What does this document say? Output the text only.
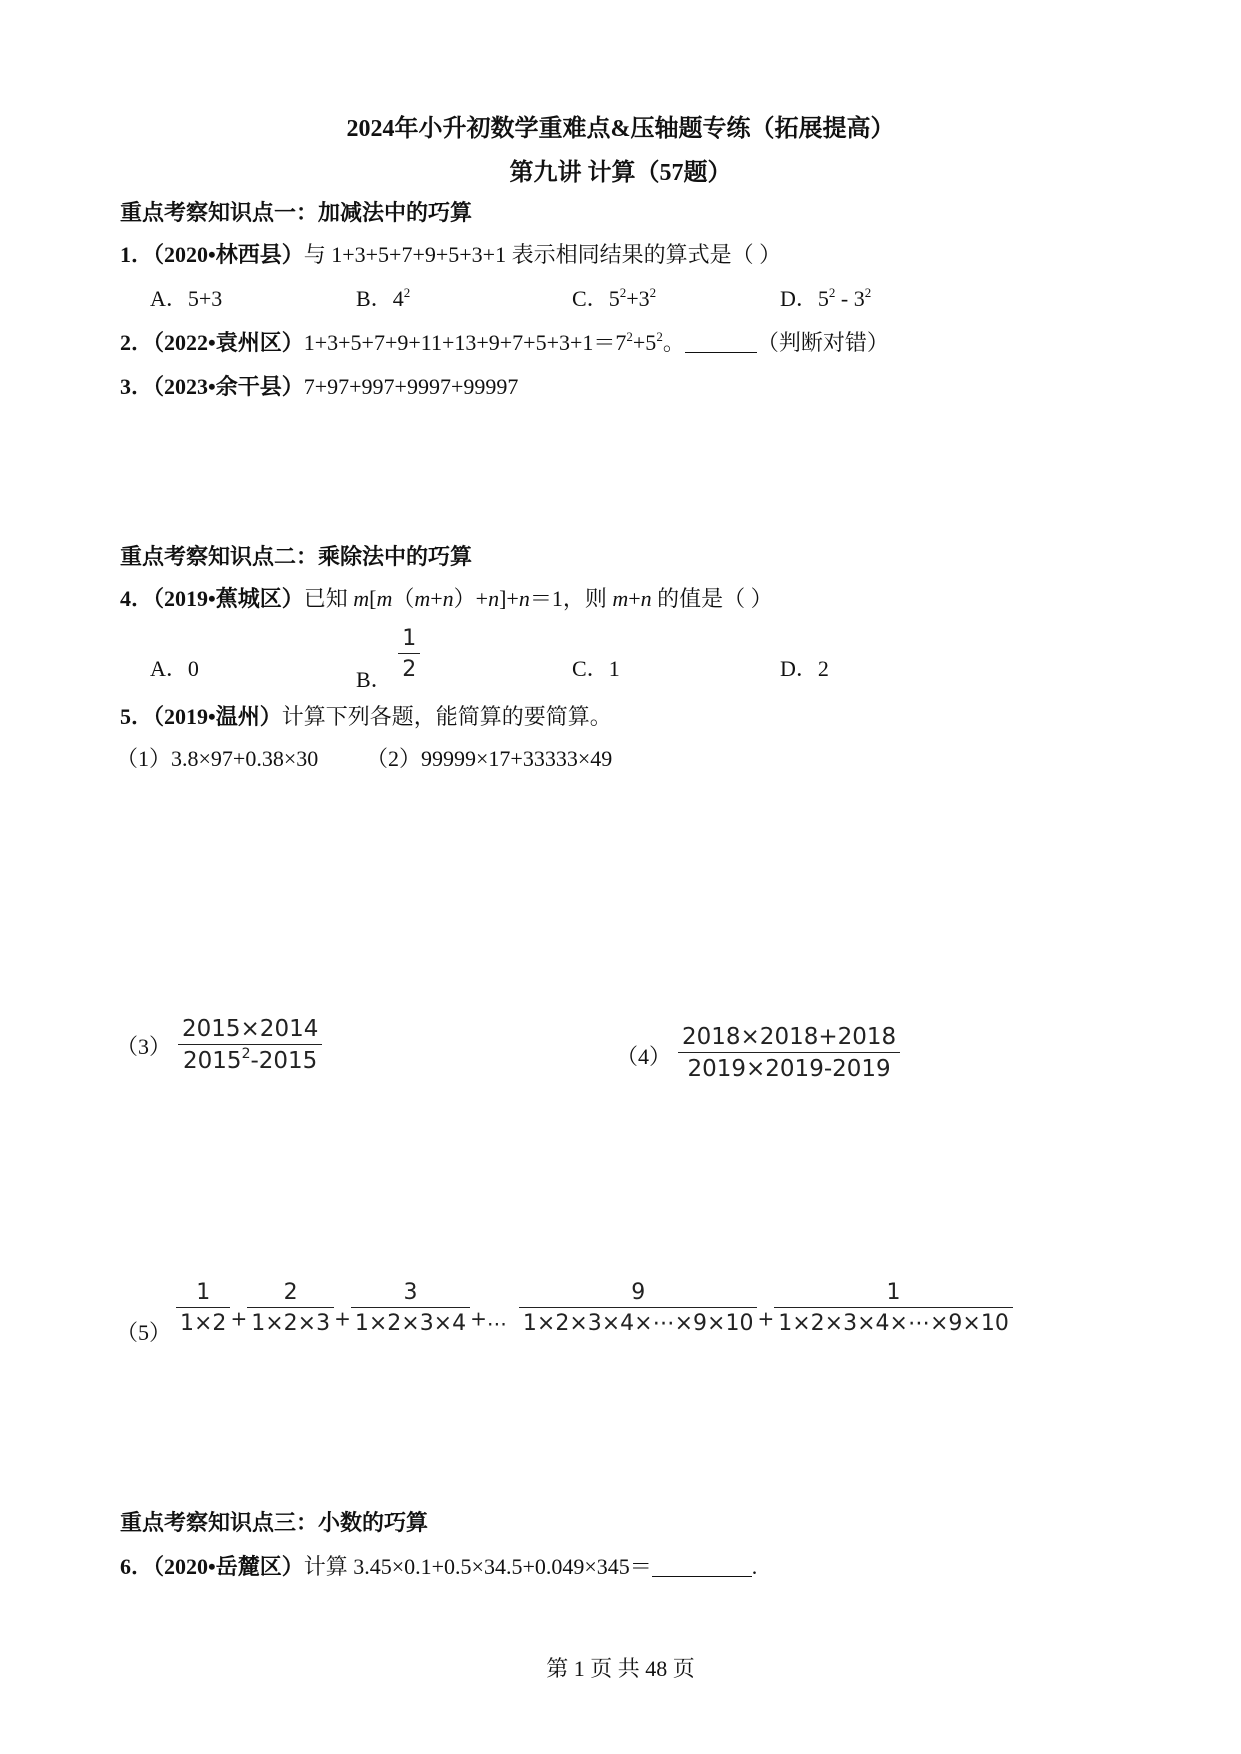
2024年小升初数学重难点&压轴题专练（拓展提高）
第九讲 计算（57题）
重点考察知识点一：加减法中的巧算
1．（2020•林西县）与 1+3+5+7+9+5+3+1 表示相同结果的算式是（ ）
A．5+3	B．$4^2$	C．$5^2+3^2$	D．$5^2 - 3^2$
2．（2022•袁州区）$1+3+5+7+9+11+13+9+7+5+3+1=7^2+5^2$。	（判断对错）
3．（2023•余干县）7+97+997+9997+99997
重点考察知识点二：乘除法中的巧算
4．（2019•蕉城区）已知 m[m（m+n）+n]+n＝1，则 m+n 的值是（ ）
A．0	B． $\frac{1}{2}$	C．1	D．2
5．（2019•温州）计算下列各题，能简算的要简算。
（1）3.8×97+0.38×30 （2）99999×17+33333×49
$(3) \frac{2015\times 2014}{2015^2-2015}$	$(4) \frac{2018\times 2018+2018}{2019\times 2019-2019}$
$(5) \frac{1}{1\times 2} + \frac{2}{1\times 2\times 3} + \frac{3}{1\times 2\times 3\times 4}$ +… $\frac{9}{1\times 2\times 3\times 4\times\cdots\times 9\times 10} + \frac{1}{1\times 2\times 3\times 4\times\cdots\times 9\times 10}$
重点考察知识点三：小数的巧算
6．（2020•岳麓区）计算 3.45×0.1+0.5×34.5+0.049×345＝	.
第 1 页 共 48 页
